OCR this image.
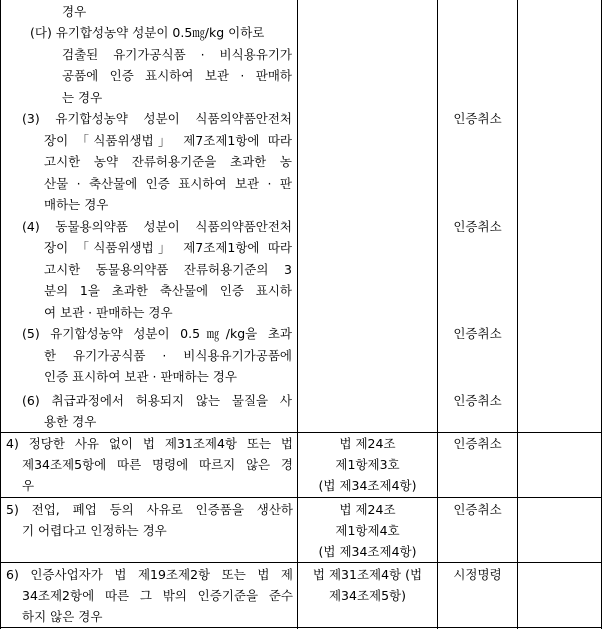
경우
(다) 유기합성농약 성분이 0.5㎎/kg 이하로
검출된 유기가공식품 · 비식용유기가
공품에 인증 표시하여 보관 · 판매하
는 경우
(3) 유기합성농약 성분이 식품의약품안전처
장이 「식품위생법」 제7조제1항에 따라
고시한 농약 잔류허용기준을 초과한 농
산물 · 축산물에 인증 표시하여 보관 · 판
매하는 경우
인증취소
(4) 동물용의약품 성분이 식품의약품안전처
장이 「식품위생법」 제7조제1항에 따라
고시한 동물용의약품 잔류허용기준의 3
분의 1을 초과한 축산물에 인증 표시하
여 보관 · 판매하는 경우
인증취소
(5) 유기합성농약 성분이 0.5㎎/kg을 초과
한 유기가공식품 · 비식용유기가공품에
인증 표시하여 보관 · 판매하는 경우
인증취소
(6) 취급과정에서 허용되지 않는 물질을 사
용한 경우
인증취소
4) 정당한 사유 없이 법 제31조제4항 또는 법
제34조제5항에 따른 명령에 따르지 않은 경
우
법 제24조
제1항제3호
(법 제34조제4항)
인증취소
5) 전업, 폐업 등의 사유로 인증품을 생산하
기 어렵다고 인정하는 경우
법 제24조
제1항제4호
(법 제34조제4항)
인증취소
6) 인증사업자가 법 제19조제2항 또는 법 제
34조제2항에 따른 그 밖의 인증기준을 준수
하지 않은 경우
법 제31조제4항 (법
제34조제5항)
시정명령
